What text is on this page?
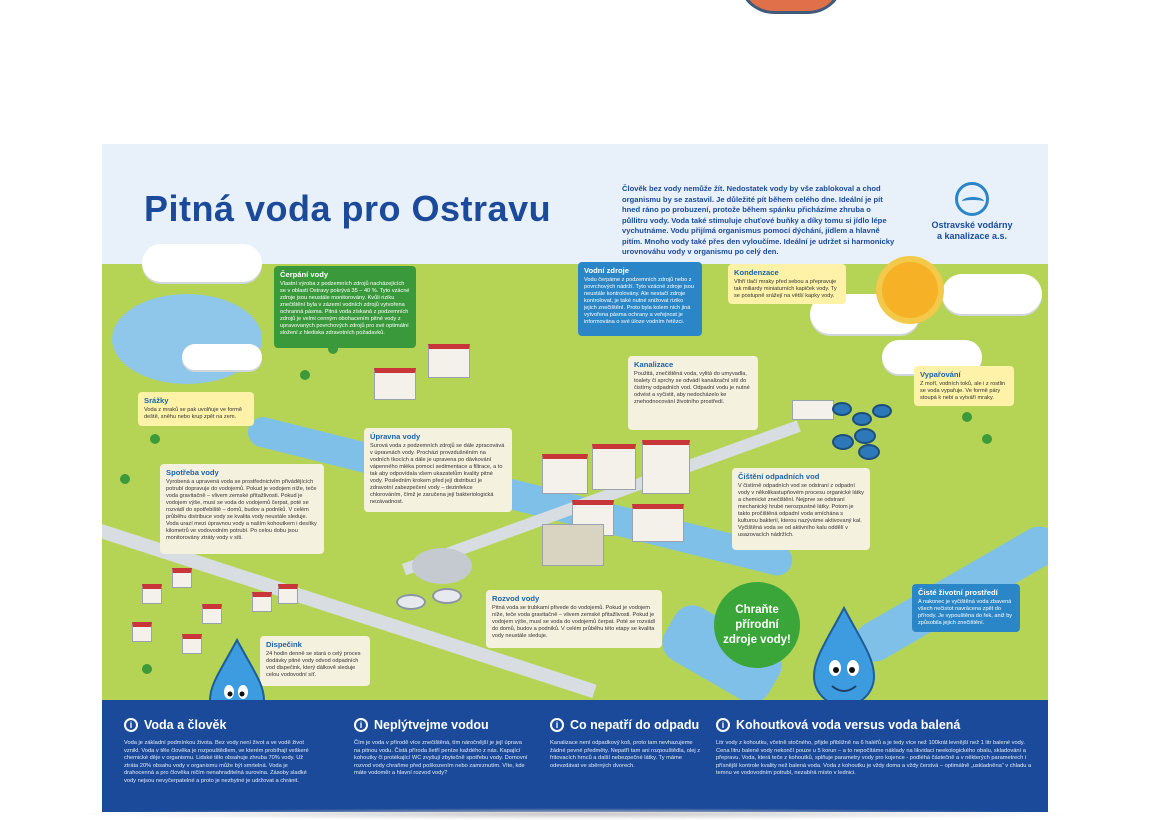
Pitná voda pro Ostravu	Člověk bez vody nemůže žít. Nedostatek vody by vše zablokoval a chod organismu by se zastavil. Je důležité pít během celého dne. Ideální je pít hned ráno po probuzení, protože během spánku přicházíme zhruba o půllitru vody. Voda také stimuluje chuťové buňky a díky tomu si jídlo lépe vychutnáme. Vodu přijímá organismus pomocí dýchání, jídlem a hlavně pitím. Mnoho vody také přes den vyloučíme. Ideální je udržet si harmonicky urovnováhu vody v organismu po celý den.
Ostravské vodárny
a kanalizace a.s.
Čerpání vody
Vlastní výroba z podzemních zdrojů nacházejících se v oblasti Ostravy pokrývá 35 – 40 %. Tyto vzácné zdroje jsou neustále monitorovány. Kvůli riziku znečištění byla v zázemí vodních zdrojů vytvořena ochranná pásma. Pitná voda získaná z podzemních zdrojů je velmi cenným obohacením pitné vody z upravovaných povrchových zdrojů pro své optimální složení z hlediska zdravotních požadavků.
Vodní zdroje
Vodu čerpáme z podzemních zdrojů nebo z povrchových nádrží. Tyto vzácné zdroje jsou neustále kontrolovány. Ale nestačí zdroje kontrolovat, je také nutné snižovat riziko jejich znečištění. Proto byla kolem nich jiná vytvořena pásma ochrany a veřejnost je informována o své úloze vodním řetězci.
Kondenzace
Vlhří tlačí mraky před sebou a přepravuje tak miliardy miniaturních kapiček vody. Ty se postupně srážejí na větší kapky vody.
Srážky
Voda z mraků se pak uvolňuje ve formě deště, sněhu nebo krup zpět na zem.
Kanalizace
Použitá, znečištěná voda, vylitá do umyvadla, toalety či sprchy se odvádí kanalizační sítí do čistírny odpadních vod. Odpadní vodu je nutné odvést a vyčistit, aby nedocházelo ke znehodnocování životního prostředí.
Vypařování
Z moří, vodních toků, ale i z rostlin se voda vypařuje. Ve formě páry stoupá k nebi a vytváří mraky.
Úpravna vody
Surová voda z podzemních zdrojů se dále zpracovává v úpravnách vody. Procházi provzdušněním na vodních tkocích a dále je upravena po dávkování vápenného mléka pomocí sedimentace a filtrace, a to tak aby odpovídala všem ukazatelům kvality pitné vody. Posledním krokem před její distribucí je zdravotní zabezpečení vody – dezinfekce chlorováním, čímž je zaručena její bakteriologická nezávadnost.
Spotřeba vody
Vyrobená a upravená voda se prostřednictvím přivádějících potrubí dopravuje do vodojemů. Pokud je vodojem níže, teče voda gravitačně – vlivem zemské přitažlivosti. Pokud je vodojem výše, musí se voda do vodojemů čerpat, poté se rozvádí do spotřebiště – domů, budov a podniků. V celém průběhu distribuce vody se kvalita vody neustále sleduje. Voda urazí mezi úpravnou vody a naším kohoutkem i desítky kilometrů ve vodovodním potrubí. Po celou dobu jsou monitorovány ztráty vody v síti.
Čištění odpadních vod
V čistírně odpadních vod se odstraní z odpadní vody v několikastupňovém procesu organické látky a chemické znečištění. Nejprve se odstraní mechanický hrubé nerozpustné látky. Potom je takto pročištěná odpadní voda smíchána s kulturou bakterií, kterou nazýváme aktivovaný kal. Vyčištěná voda se od aktivního kalu oddělí v usazovacích nádržích.
Rozvod vody
Pitná voda se trubkami přivede do vodojemů. Pokud je vodojem níže, teče voda gravitačně – vlivem zemské přitažlivosti. Pokud je vodojem výše, musí se voda do vodojemů čerpat. Poté se rozvádí do domů, budov a podniků. V celém průběhu této etapy se kvalita vody neustále sleduje.
Dispečink
24 hodin denně se stará o celý proces dodávky pitné vody odvod odpadních vod dispečink, který dálkově sleduje celou vodovodní síť.
Čisté životní prostředí
A nakonec je vyčištěná voda zbavená všech nečistot navrácena zpět do přírody. Je vypouštěna do řek, aniž by způsobila jejich znečištění.
Chraňte
přírodní
zdroje vody!
i Voda a člověk
Voda je základní podmínkou života. Bez vody není život a ve vodě život vznikl. Voda v těle člověka je rozpouštědlem, ve kterém probíhají veškeré chemické děje v organismu. Lidské tělo obsahuje zhruba 70% vody. Už ztráta 20% obsahu vody v organismu může být smrtelná. Voda je drahocenná a pro člověka ničím nenahraditelná surovina. Zásoby sladké vody nejsou nevyčerpatelné a proto je nezbytné je udržovat a chránit.
i Neplýtvejme vodou
Čím je voda v přírodě více znečištěná, tím náročnější je její úprava na pitnou vodu. Čistá příroda šetří peníze každého z nás. Kapající kohoutky či protékající WC zvyšují zbytečně spotřebu vody. Domovní rozvod vody chraňme před poškozením nebo zamrznutím. Víte, kde máte vodoměr a hlavní rozvod vody?
i Co nepatří do odpadu
Kanalizace není odpadkový koš, proto tam nevhazujeme žádné pevné předměty. Nepatří tam ani rozpouštědla, olej z fritovacích hrnců a další nebezpečné látky. Ty máme odevzdávat ve sběrných dvorech.
i Kohoutková voda versus voda balená
Litr vody z kohoutku, včetně stočného, přijde přibližně na 6 haléřů a je tedy více než 100krát levnější než 1 litr balené vody. Cena litru balené vody nekončí pouze u 5 korun – a to nepočítáme náklady na likvidaci neekologického obalu, skladování a přepravu. Voda, která teče z kohoutků, splňuje parametry vody pro kojence - podléhá částečně a v některých parametrech i přísnější kontrole kvality než balená voda. Voda z kohoutku je vždy doma a vždy čerstvá – optimálně „uskladněna“ v chladu a temnu ve vodovodním potrubí, nezabírá místo v lednici.
